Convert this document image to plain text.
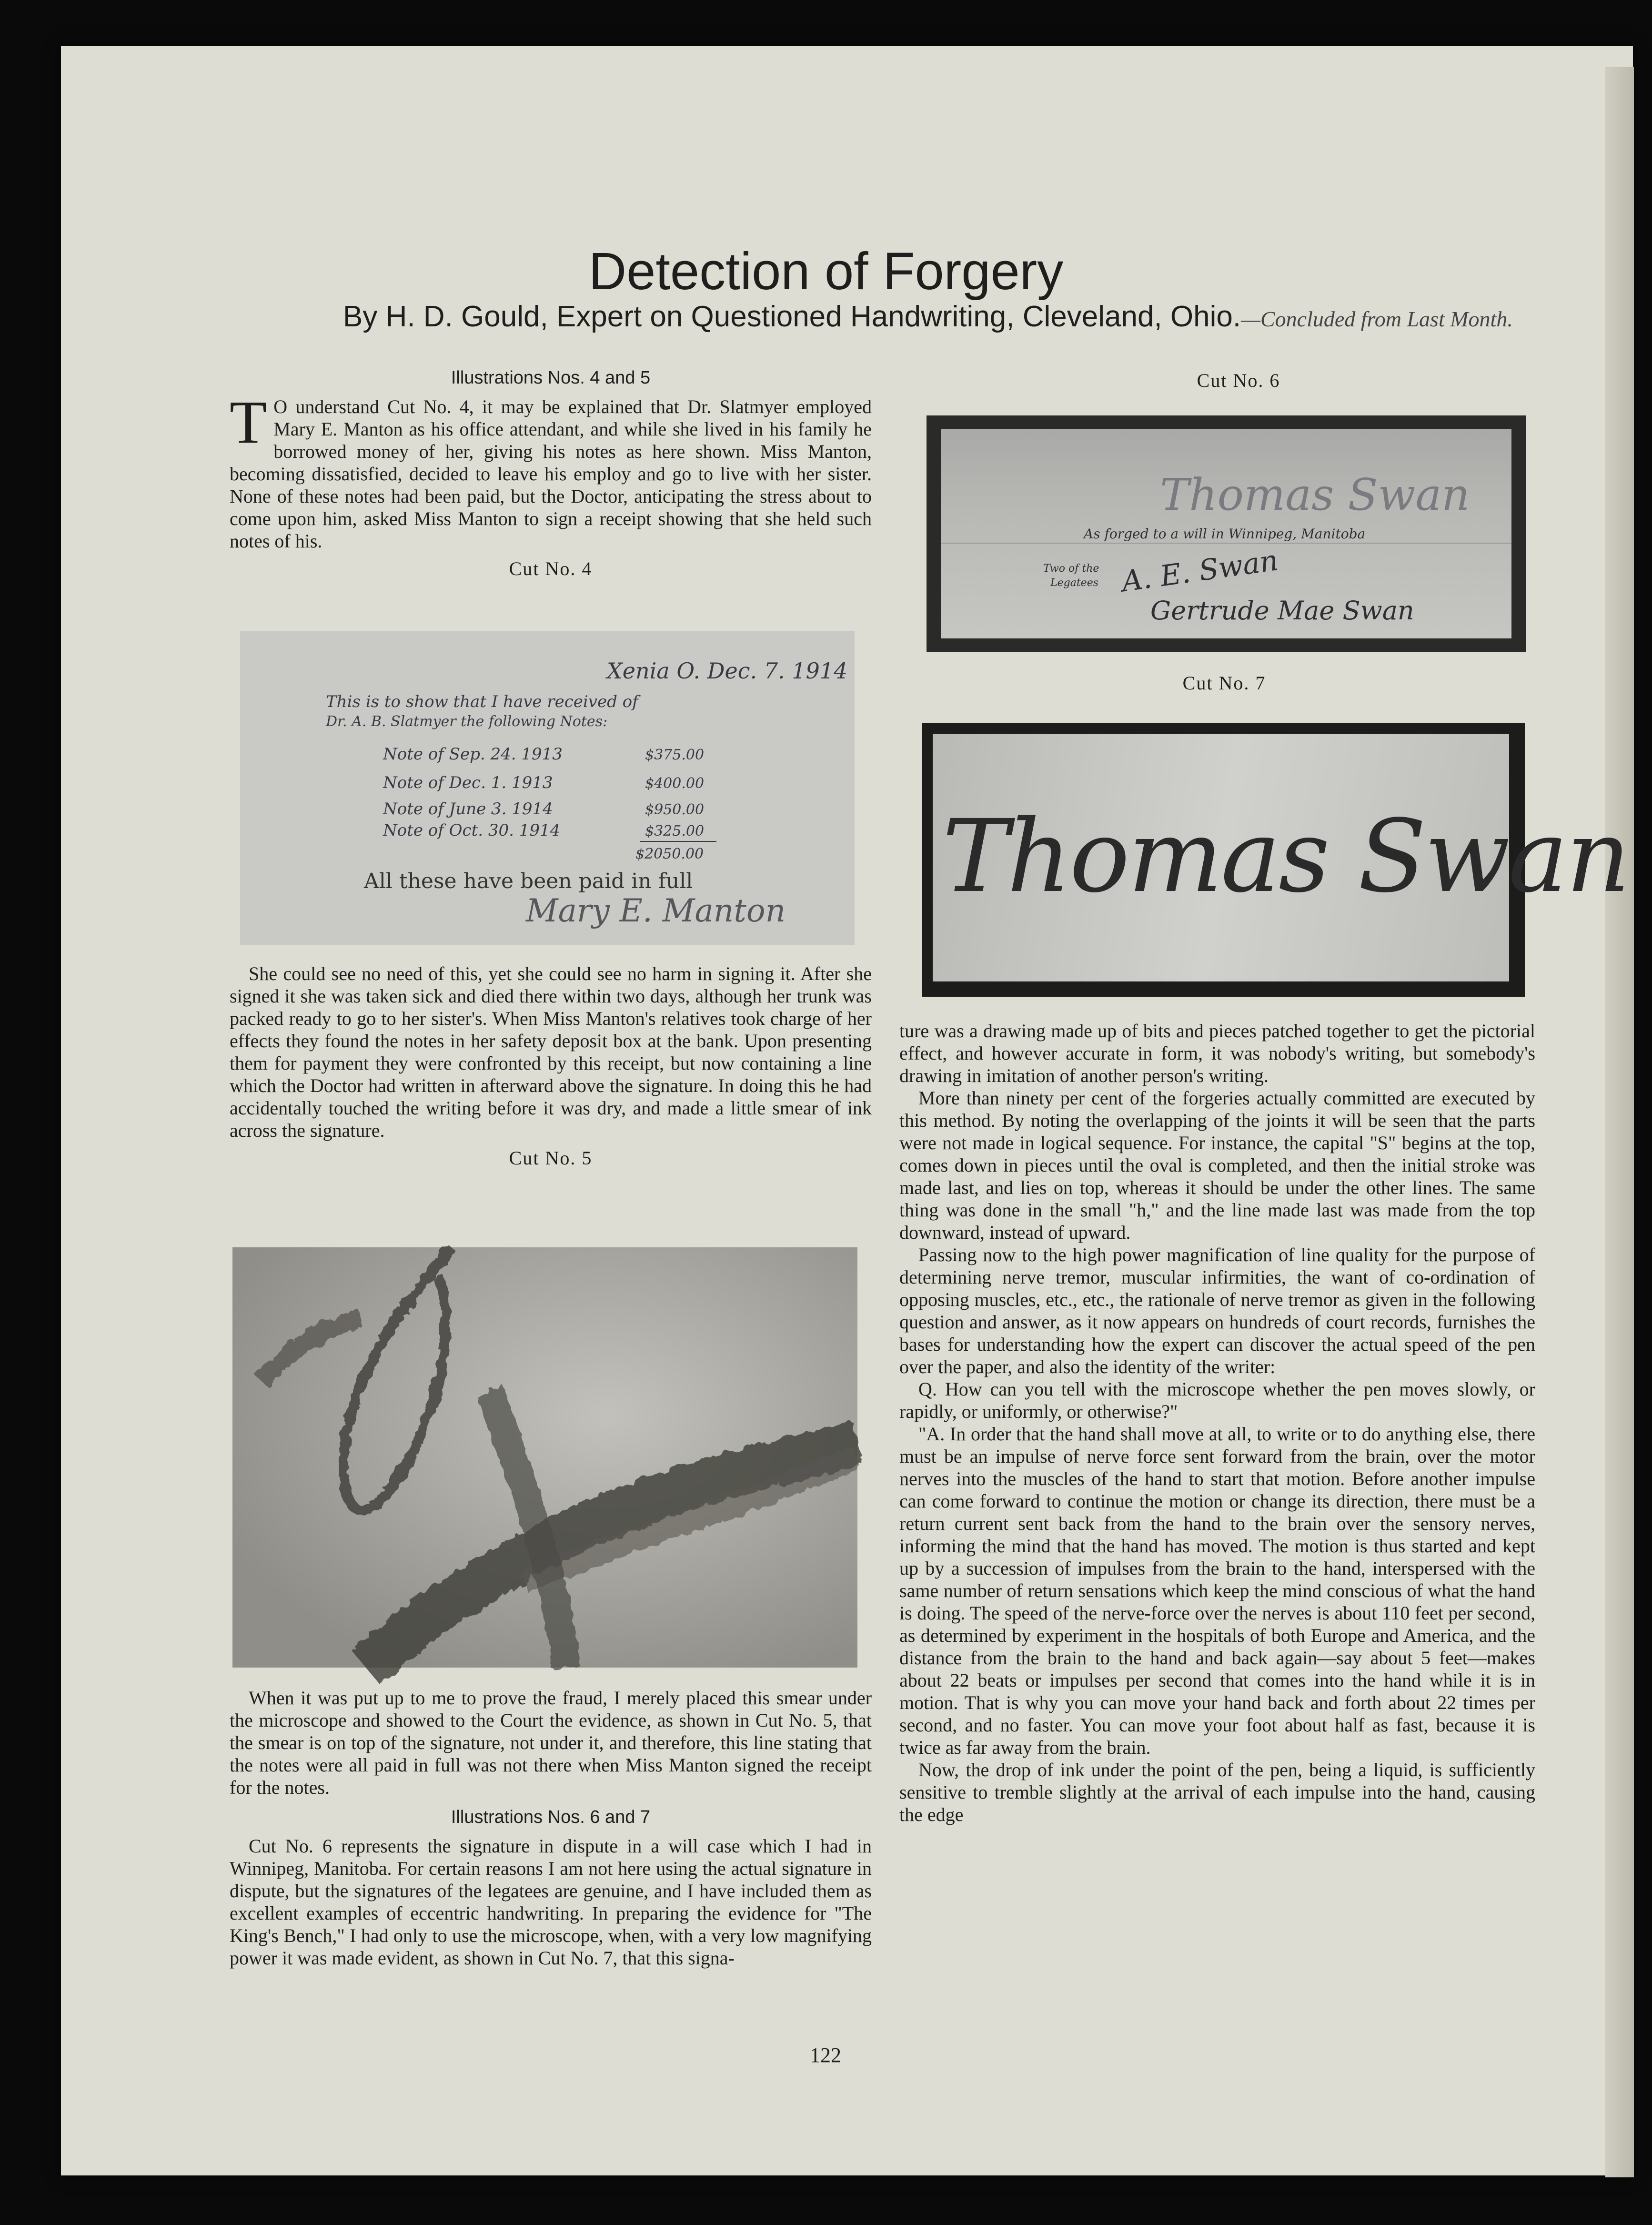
Detection of Forgery
By H. D. Gould, Expert on Questioned Handwriting, Cleveland, Ohio.—Concluded from Last Month.
Illustrations Nos. 4 and 5

T O understand Cut No. 4, it may be explained that Dr. Slatmyer employed Mary E. Manton as his office attendant, and while she lived in his family he borrowed money of her, giving his notes as here shown. Miss Manton, becoming dissatisfied, decided to leave his employ and go to live with her sister. None of these notes had been paid, but the Doctor, anticipating the stress about to come upon him, asked Miss Manton to sign a receipt showing that she held such notes of his.

Cut No. 4
Xenia O. Dec. 7. 1914
This is to show that I have received of
Dr. A. B. Slatmyer the following Notes:
Note of Sep. 24. 1913	$375.00
Note of Dec. 1. 1913	$400.00
Note of June 3. 1914	$950.00
Note of Oct. 30. 1914	$325.00
$2050.00
All these have been paid in full
Mary E. Manton

She could see no need of this, yet she could see no harm in signing it. After she signed it she was taken sick and died there within two days, although her trunk was packed ready to go to her sister's. When Miss Manton's relatives took charge of her effects they found the notes in her safety deposit box at the bank. Upon presenting them for payment they were confronted by this receipt, but now containing a line which the Doctor had written in afterward above the signature. In doing this he had accidentally touched the writing before it was dry, and made a little smear of ink across the signature.

Cut No. 5

When it was put up to me to prove the fraud, I merely placed this smear under the microscope and showed to the Court the evidence, as shown in Cut No. 5, that the smear is on top of the signature, not under it, and therefore, this line stating that the notes were all paid in full was not there when Miss Manton signed the receipt for the notes.

Illustrations Nos. 6 and 7

Cut No. 6 represents the signature in dispute in a will case which I had in Winnipeg, Manitoba. For certain reasons I am not here using the actual signature in dispute, but the signatures of the legatees are genuine, and I have included them as excellent examples of eccentric handwriting. In preparing the evidence for "The King's Bench," I had only to use the microscope, when, with a very low magnifying power it was made evident, as shown in Cut No. 7, that this signa-

Cut No. 6
Thomas Swan
As forged to a will in Winnipeg, Manitoba
Two of the
Legatees A. E. Swan
Gertrude Mae Swan
Cut No. 7
Thomas Swan

ture was a drawing made up of bits and pieces patched together to get the pictorial effect, and however accurate in form, it was nobody's writing, but somebody's drawing in imitation of another person's writing.

More than ninety per cent of the forgeries actually committed are executed by this method. By noting the overlapping of the joints it will be seen that the parts were not made in logical sequence. For instance, the capital "S" begins at the top, comes down in pieces until the oval is completed, and then the initial stroke was made last, and lies on top, whereas it should be under the other lines. The same thing was done in the small "h," and the line made last was made from the top downward, instead of upward.

Passing now to the high power magnification of line quality for the purpose of determining nerve tremor, muscular infirmities, the want of co-ordination of opposing muscles, etc., etc., the rationale of nerve tremor as given in the following question and answer, as it now appears on hundreds of court records, furnishes the bases for understanding how the expert can discover the actual speed of the pen over the paper, and also the identity of the writer:

Q. How can you tell with the microscope whether the pen moves slowly, or rapidly, or uniformly, or otherwise?"

"A. In order that the hand shall move at all, to write or to do anything else, there must be an impulse of nerve force sent forward from the brain, over the motor nerves into the muscles of the hand to start that motion. Before another impulse can come forward to continue the motion or change its direction, there must be a return current sent back from the hand to the brain over the sensory nerves, informing the mind that the hand has moved. The motion is thus started and kept up by a succession of impulses from the brain to the hand, interspersed with the same number of return sensations which keep the mind conscious of what the hand is doing. The speed of the nerve-force over the nerves is about 110 feet per second, as determined by experiment in the hospitals of both Europe and America, and the distance from the brain to the hand and back again—say about 5 feet—makes about 22 beats or impulses per second that comes into the hand while it is in motion. That is why you can move your hand back and forth about 22 times per second, and no faster. You can move your foot about half as fast, because it is twice as far away from the brain.

Now, the drop of ink under the point of the pen, being a liquid, is sufficiently sensitive to tremble slightly at the arrival of each impulse into the hand, causing the edge

122
